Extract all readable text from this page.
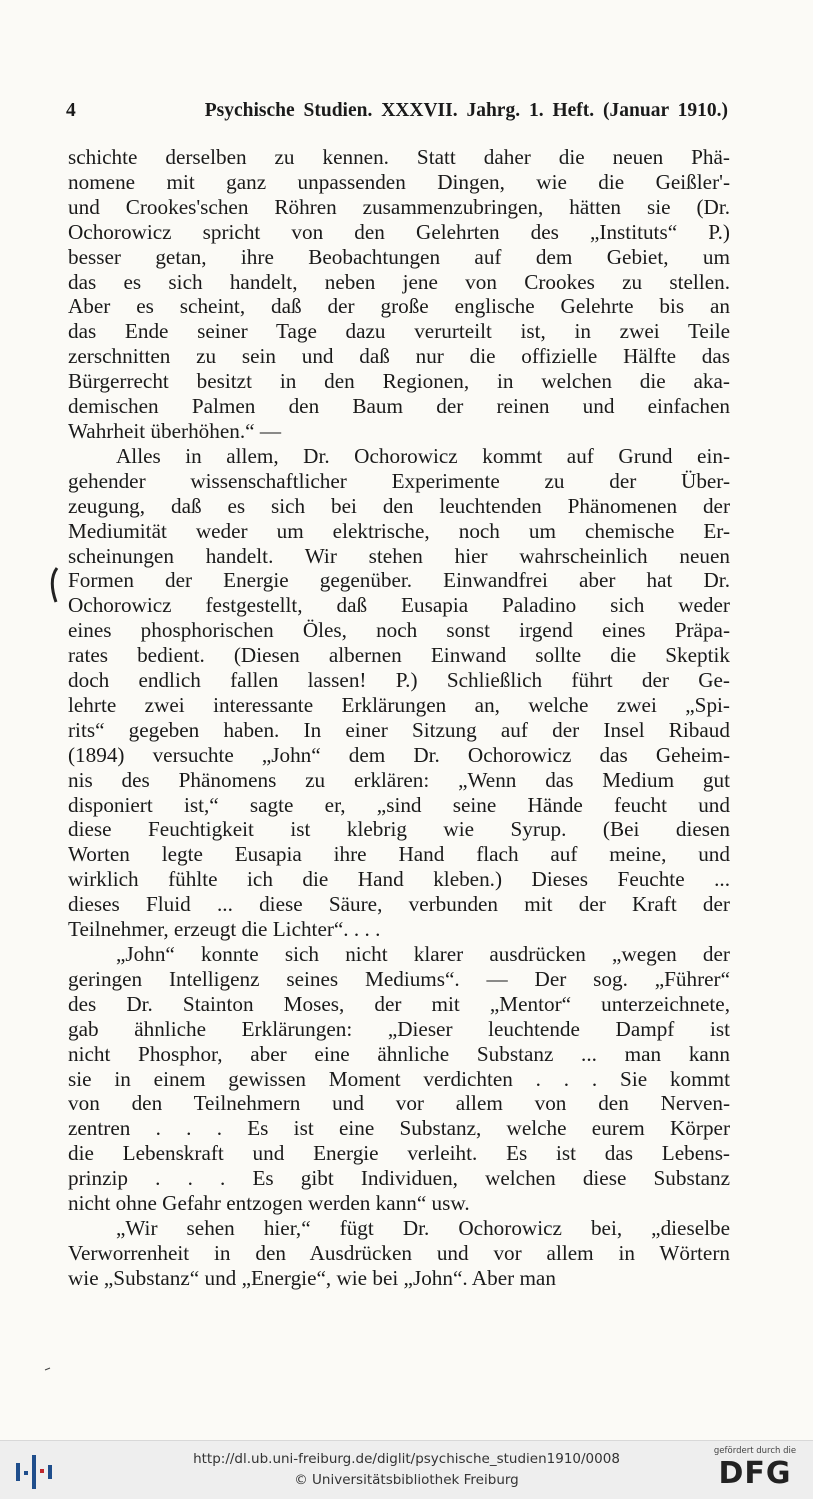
4	Psychische Studien. XXXVII. Jahrg. 1. Heft. (Januar 1910.)

schichte derselben zu kennen. Statt daher die neuen Phä-
nomene mit ganz unpassenden Dingen, wie die Geißler'-
und Crookes'schen Röhren zusammenzubringen, hätten sie (Dr.
Ochorowicz spricht von den Gelehrten des „Instituts“ P.)
besser getan, ihre Beobachtungen auf dem Gebiet, um
das es sich handelt, neben jene von Crookes zu stellen.
Aber es scheint, daß der große englische Gelehrte bis an
das Ende seiner Tage dazu verurteilt ist, in zwei Teile
zerschnitten zu sein und daß nur die offizielle Hälfte das
Bürgerrecht besitzt in den Regionen, in welchen die aka-
demischen Palmen den Baum der reinen und einfachen
Wahrheit überhöhen.“ —

Alles in allem, Dr. Ochorowicz kommt auf Grund ein-
gehender wissenschaftlicher Experimente zu der Über-
zeugung, daß es sich bei den leuchtenden Phänomenen der
Mediumität weder um elektrische, noch um chemische Er-
scheinungen handelt. Wir stehen hier wahrscheinlich neuen
Formen der Energie gegenüber. Einwandfrei aber hat Dr.
Ochorowicz festgestellt, daß Eusapia Paladino sich weder
eines phosphorischen Öles, noch sonst irgend eines Präpa-
rates bedient. (Diesen albernen Einwand sollte die Skeptik
doch endlich fallen lassen! P.) Schließlich führt der Ge-
lehrte zwei interessante Erklärungen an, welche zwei „Spi-
rits“ gegeben haben. In einer Sitzung auf der Insel Ribaud
(1894) versuchte „John“ dem Dr. Ochorowicz das Geheim-
nis des Phänomens zu erklären: „Wenn das Medium gut
disponiert ist,“ sagte er, „sind seine Hände feucht und
diese Feuchtigkeit ist klebrig wie Syrup. (Bei diesen
Worten legte Eusapia ihre Hand flach auf meine, und
wirklich fühlte ich die Hand kleben.) Dieses Feuchte ...
dieses Fluid ... diese Säure, verbunden mit der Kraft der
Teilnehmer, erzeugt die Lichter“. . . .

„John“ konnte sich nicht klarer ausdrücken „wegen der
geringen Intelligenz seines Mediums“. — Der sog. „Führer“
des Dr. Stainton Moses, der mit „Mentor“ unterzeichnete,
gab ähnliche Erklärungen: „Dieser leuchtende Dampf ist
nicht Phosphor, aber eine ähnliche Substanz ... man kann
sie in einem gewissen Moment verdichten . . . Sie kommt
von den Teilnehmern und vor allem von den Nerven-
zentren . . . Es ist eine Substanz, welche eurem Körper
die Lebenskraft und Energie verleiht. Es ist das Lebens-
prinzip . . . Es gibt Individuen, welchen diese Substanz
nicht ohne Gefahr entzogen werden kann“ usw.

„Wir sehen hier,“ fügt Dr. Ochorowicz bei, „dieselbe
Verworrenheit in den Ausdrücken und vor allem in Wörtern
wie „Substanz“ und „Energie“, wie bei „John“. Aber man

http://dl.ub.uni-freiburg.de/diglit/psychische_studien1910/0008
© Universitätsbibliothek Freiburg
gefördert durch die
DFG
